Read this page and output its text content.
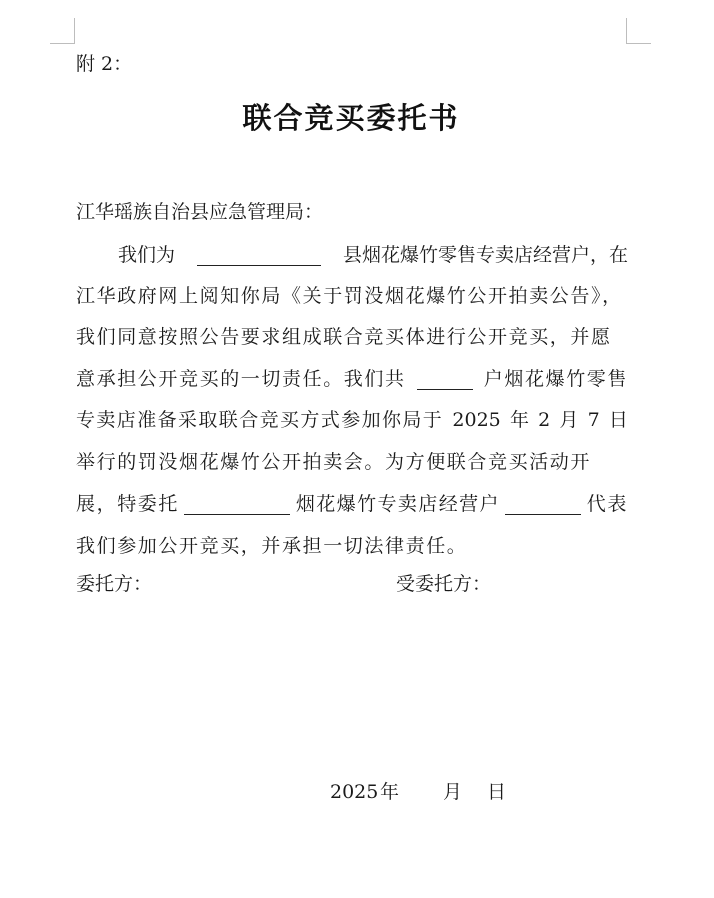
附 2：
联合竞买委托书
江华瑶族自治县应急管理局：
我们为	县烟花爆竹零售专卖店经营户，在
江华政府网上阅知你局《关于罚没烟花爆竹公开拍卖公告》，
我们同意按照公告要求组成联合竞买体进行公开竞买，并愿
意承担公开竞买的一切责任。我们共	户烟花爆竹零售
专卖店准备采取联合竞买方式参加你局于 2025 年 2 月 7 日
举行的罚没烟花爆竹公开拍卖会。为方便联合竞买活动开
展，特委托	烟花爆竹专卖店经营户	代表
我们参加公开竞买，并承担一切法律责任。
委托方：	受委托方：
2025 年 月 日
